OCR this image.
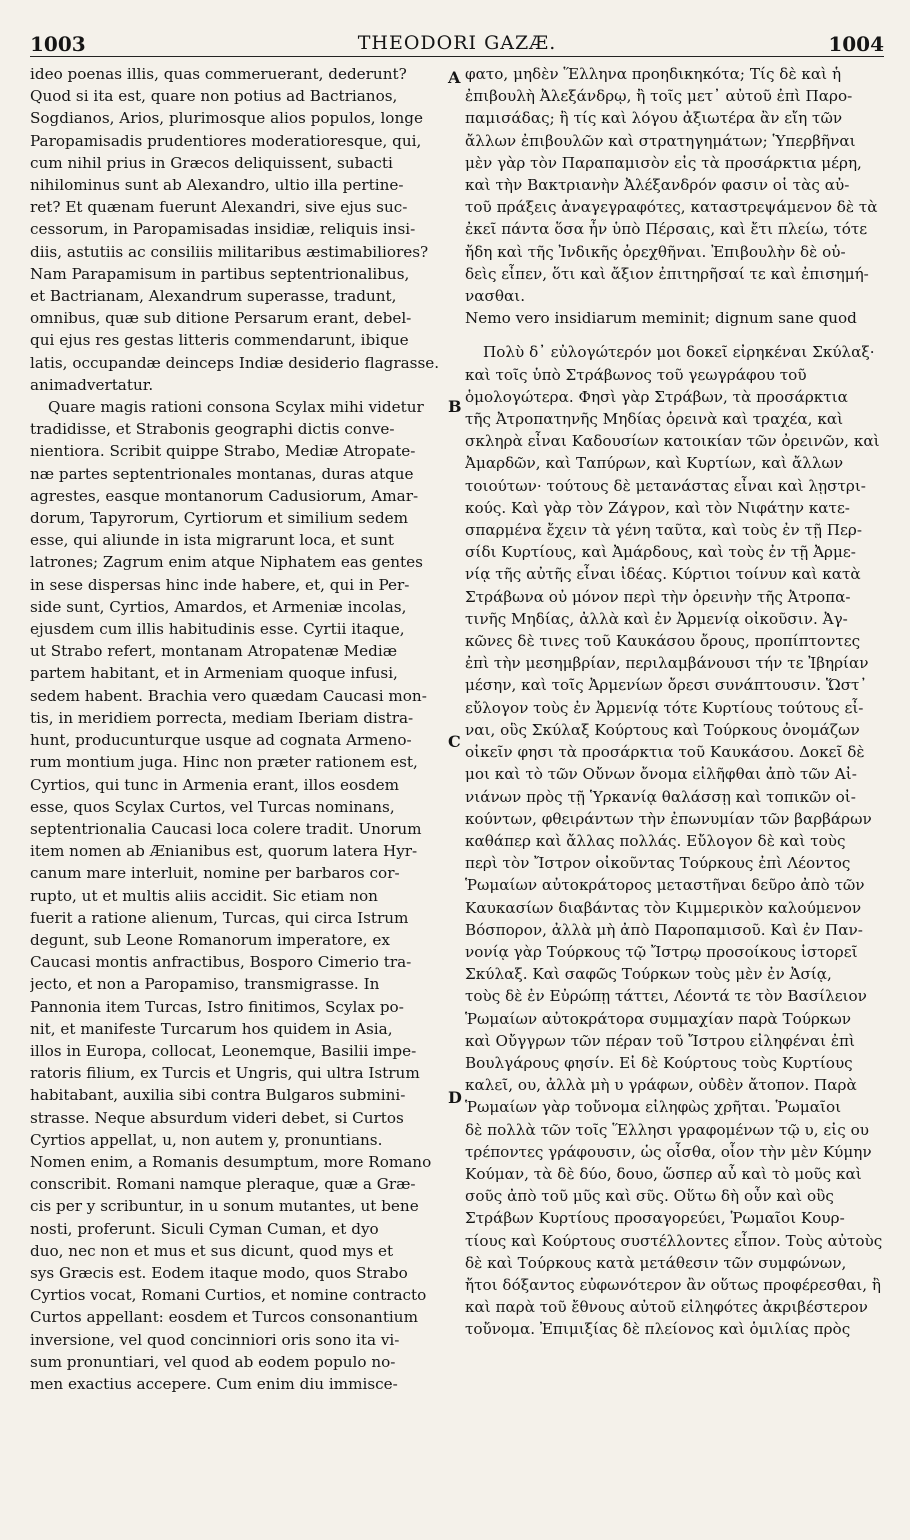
1003	THEODORI GAZÆ.	1004
A
B
C
D
ideo poenas illis, quas commeruerant, dederunt?
Quod si ita est, quare non potius ad Bactrianos,
Sogdianos, Arios, plurimosque alios populos, longe
Paropamisadis prudentiores moderatioresque, qui,
cum nihil prius in Græcos deliquissent, subacti
nihilominus sunt ab Alexandro, ultio illa pertine-
ret? Et quænam fuerunt Alexandri, sive ejus suc-
cessorum, in Paropamisadas insidiæ, reliquis insi-
diis, astutiis ac consiliis militaribus æstimabiliores?
Nam Parapamisum in partibus septentrionalibus,
et Bactrianam, Alexandrum superasse, tradunt,
omnibus, quæ sub ditione Persarum erant, debel-
qui ejus res gestas litteris commendarunt, ibique
latis, occupandæ deinceps Indiæ desiderio flagrasse.
animadvertatur.
Quare magis rationi consona Scylax mihi videtur
tradidisse, et Strabonis geographi dictis conve-
nientiora. Scribit quippe Strabo, Mediæ Atropate-
næ partes septentrionales montanas, duras atque
agrestes, easque montanorum Cadusiorum, Amar-
dorum, Tapyrorum, Cyrtiorum et similium sedem
esse, qui aliunde in ista migrarunt loca, et sunt
latrones; Zagrum enim atque Niphatem eas gentes
in sese dispersas hinc inde habere, et, qui in Per-
side sunt, Cyrtios, Amardos, et Armeniæ incolas,
ejusdem cum illis habitudinis esse. Cyrtii itaque,
ut Strabo refert, montanam Atropatenæ Mediæ
partem habitant, et in Armeniam quoque infusi,
sedem habent. Brachia vero quædam Caucasi mon-
tis, in meridiem porrecta, mediam Iberiam distra-
hunt, producunturque usque ad cognata Armeno-
rum montium juga. Hinc non præter rationem est,
Cyrtios, qui tunc in Armenia erant, illos eosdem
esse, quos Scylax Curtos, vel Turcas nominans,
septentrionalia Caucasi loca colere tradit. Unorum
item nomen ab Ænianibus est, quorum latera Hyr-
canum mare interluit, nomine per barbaros cor-
rupto, ut et multis aliis accidit. Sic etiam non
fuerit a ratione alienum, Turcas, qui circa Istrum
degunt, sub Leone Romanorum imperatore, ex
Caucasi montis anfractibus, Bosporo Cimerio tra-
jecto, et non a Paropamiso, transmigrasse. In
Pannonia item Turcas, Istro finitimos, Scylax po-
nit, et manifeste Turcarum hos quidem in Asia,
illos in Europa, collocat, Leonemque, Basilii impe-
ratoris filium, ex Turcis et Ungris, qui ultra Istrum
habitabant, auxilia sibi contra Bulgaros submini-
strasse. Neque absurdum videri debet, si Curtos
Cyrtios appellat, u, non autem y, pronuntians.
Nomen enim, a Romanis desumptum, more Romano
conscribit. Romani namque pleraque, quæ a Græ-
cis per y scribuntur, in u sonum mutantes, ut bene
nosti, proferunt. Siculi Cyman Cuman, et dyo
duo, nec non et mus et sus dicunt, quod mys et
sys Græcis est. Eodem itaque modo, quos Strabo
Cyrtios vocat, Romani Curtios, et nomine contracto
Curtos appellant: eosdem et Turcos consonantium
inversione, vel quod concinniori oris sono ita vi-
sum pronuntiari, vel quod ab eodem populo no-
men exactius accepere. Cum enim diu immisce-
φατο, μηδὲν Ἕλληνα προηδικηκότα; Τίς δὲ καὶ ἡ
ἐπιβουλὴ Ἀλεξάνδρῳ, ἢ τοῖς μετ᾽ αὐτοῦ ἐπὶ Παρο-
παμισάδας; ἢ τίς καὶ λόγου ἀξιωτέρα ἂν εἴη τῶν
ἄλλων ἐπιβουλῶν καὶ στρατηγημάτων; Ὑπερβῆναι
μὲν γὰρ τὸν Παραπαμισὸν εἰς τὰ προσάρκτια μέρη,
καὶ τὴν Βακτριανὴν Ἀλέξανδρόν φασιν οἱ τὰς αὐ-
τοῦ πράξεις ἀναγεγραφότες, καταστρεψάμενον δὲ τὰ
ἐκεῖ πάντα ὅσα ἦν ὑπὸ Πέρσαις, καὶ ἔτι πλείω, τότε
ἤδη καὶ τῆς Ἰνδικῆς ὀρεχθῆναι. Ἐπιβουλὴν δὲ οὐ-
δεὶς εἶπεν, ὅτι καὶ ἄξιον ἐπιτηρῆσαί τε καὶ ἐπισημή-
νασθαι.
Nemo vero insidiarum meminit; dignum sane quod
Πολὺ δ᾽ εὐλογώτερόν μοι δοκεῖ εἰρηκέναι Σκύλαξ·
καὶ τοῖς ὑπὸ Στράβωνος τοῦ γεωγράφου τοῦ
ὁμολογώτερα. Φησὶ γὰρ Στράβων, τὰ προσάρκτια
τῆς Ἀτροπατηνῆς Μηδίας ὀρεινὰ καὶ τραχέα, καὶ
σκληρὰ εἶναι Καδουσίων κατοικίαν τῶν ὀρεινῶν, καὶ
Ἀμαρδῶν, καὶ Ταπύρων, καὶ Κυρτίων, καὶ ἄλλων
τοιούτων· τούτους δὲ μετανάστας εἶναι καὶ λῃστρι-
κούς. Καὶ γὰρ τὸν Ζάγρον, καὶ τὸν Νιφάτην κατε-
σπαρμένα ἔχειν τὰ γένη ταῦτα, καὶ τοὺς ἐν τῇ Περ-
σίδι Κυρτίους, καὶ Ἀμάρδους, καὶ τοὺς ἐν τῇ Ἀρμε-
νίᾳ τῆς αὐτῆς εἶναι ἰδέας. Κύρτιοι τοίνυν καὶ κατὰ
Στράβωνα οὐ μόνον περὶ τὴν ὀρεινὴν τῆς Ἀτροπα-
τινῆς Μηδίας, ἀλλὰ καὶ ἐν Ἀρμενίᾳ οἰκοῦσιν. Ἀγ-
κῶνες δὲ τινες τοῦ Καυκάσου ὄρους, προπίπτοντες
ἐπὶ τὴν μεσημβρίαν, περιλαμβάνουσι τήν τε Ἰβηρίαν
μέσην, καὶ τοῖς Ἀρμενίων ὄρεσι συνάπτουσιν. Ὥστ᾽
εὔλογον τοὺς ἐν Ἀρμενίᾳ τότε Κυρτίους τούτους εἶ-
ναι, οὓς Σκύλαξ Κούρτους καὶ Τούρκους ὀνομάζων
οἰκεῖν φησι τὰ προσάρκτια τοῦ Καυκάσου. Δοκεῖ δὲ
μοι καὶ τὸ τῶν Οὔνων ὄνομα εἰλῆφθαι ἀπὸ τῶν Αἰ-
νιάνων πρὸς τῇ Ὑρκανίᾳ θαλάσσῃ καὶ τοπικῶν οἰ-
κούντων, φθειράντων τὴν ἐπωνυμίαν τῶν βαρβάρων
καθάπερ καὶ ἄλλας πολλάς. Εὔλογον δὲ καὶ τοὺς
περὶ τὸν Ἴστρον οἰκοῦντας Τούρκους ἐπὶ Λέοντος
Ῥωμαίων αὐτοκράτορος μεταστῆναι δεῦρο ἀπὸ τῶν
Καυκασίων διαβάντας τὸν Κιμμερικὸν καλούμενον
Βόσπορον, ἀλλὰ μὴ ἀπὸ Παροπαμισοῦ. Καὶ ἐν Παν-
νονίᾳ γὰρ Τούρκους τῷ Ἴστρῳ προσοίκους ἱστορεῖ
Σκύλαξ. Καὶ σαφῶς Τούρκων τοὺς μὲν ἐν Ἀσίᾳ,
τοὺς δὲ ἐν Εὐρώπῃ τάττει, Λέοντά τε τὸν Βασίλειον
Ῥωμαίων αὐτοκράτορα συμμαχίαν παρὰ Τούρκων
καὶ Οὔγγρων τῶν πέραν τοῦ Ἴστρου εἰληφέναι ἐπὶ
Βουλγάρους φησίν. Εἰ δὲ Κούρτους τοὺς Κυρτίους
καλεῖ, ου, ἀλλὰ μὴ υ γράφων, οὐδὲν ἄτοπον. Παρὰ
Ῥωμαίων γὰρ τοὔνομα εἰληφὼς χρῆται. Ῥωμαῖοι
δὲ πολλὰ τῶν τοῖς Ἕλλησι γραφομένων τῷ υ, εἰς ου
τρέποντες γράφουσιν, ὡς οἶσθα, οἷον τὴν μὲν Κύμην
Κούμαν, τὰ δὲ δύο, δουο, ὥσπερ αὖ καὶ τὸ μοῦς καὶ
σοῦς ἀπὸ τοῦ μῦς καὶ σῦς. Οὕτω δὴ οὖν καὶ οὓς
Στράβων Κυρτίους προσαγορεύει, Ῥωμαῖοι Κουρ-
τίους καὶ Κούρτους συστέλλοντες εἶπον. Τοὺς αὐτοὺς
δὲ καὶ Τούρκους κατὰ μετάθεσιν τῶν συμφώνων,
ἤτοι δόξαντος εὐφωνότερον ἂν οὕτως προφέρεσθαι, ἢ
καὶ παρὰ τοῦ ἔθνους αὐτοῦ εἰληφότες ἀκριβέστερον
τοὔνομα. Ἐπιμιξίας δὲ πλείονος καὶ ὁμιλίας πρὸς
